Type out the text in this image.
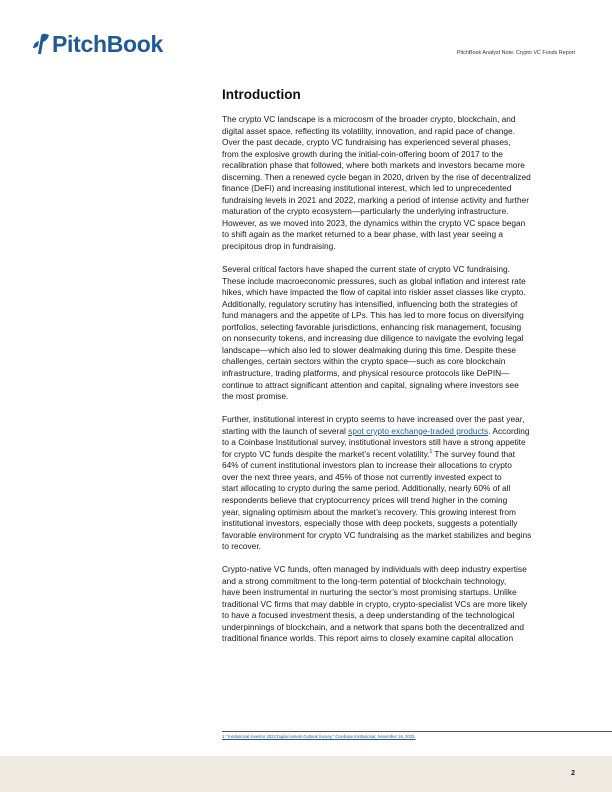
PitchBook	PitchBook Analyst Note: Crypto VC Funds Report
Introduction
The crypto VC landscape is a microcosm of the broader crypto, blockchain, and
digital asset space, reflecting its volatility, innovation, and rapid pace of change.
Over the past decade, crypto VC fundraising has experienced several phases,
from the explosive growth during the initial-coin-offering boom of 2017 to the
recalibration phase that followed, where both markets and investors became more
discerning. Then a renewed cycle began in 2020, driven by the rise of decentralized
finance (DeFi) and increasing institutional interest, which led to unprecedented
fundraising levels in 2021 and 2022, marking a period of intense activity and further
maturation of the crypto ecosystem—particularly the underlying infrastructure.
However, as we moved into 2023, the dynamics within the crypto VC space began
to shift again as the market returned to a bear phase, with last year seeing a
precipitous drop in fundraising.
Several critical factors have shaped the current state of crypto VC fundraising.
These include macroeconomic pressures, such as global inflation and interest rate
hikes, which have impacted the flow of capital into riskier asset classes like crypto.
Additionally, regulatory scrutiny has intensified, influencing both the strategies of
fund managers and the appetite of LPs. This has led to more focus on diversifying
portfolios, selecting favorable jurisdictions, enhancing risk management, focusing
on nonsecurity tokens, and increasing due diligence to navigate the evolving legal
landscape—which also led to slower dealmaking during this time. Despite these
challenges, certain sectors within the crypto space—such as core blockchain
infrastructure, trading platforms, and physical resource protocols like DePIN—
continue to attract significant attention and capital, signaling where investors see
the most promise.
Further, institutional interest in crypto seems to have increased over the past year,
starting with the launch of several spot crypto exchange-traded products. According
to a Coinbase Institutional survey, institutional investors still have a strong appetite
for crypto VC funds despite the market’s recent volatility.$^1$ The survey found that
64% of current institutional investors plan to increase their allocations to crypto
over the next three years, and 45% of those not currently invested expect to
start allocating to crypto during the same period. Additionally, nearly 60% of all
respondents believe that cryptocurrency prices will trend higher in the coming
year, signaling optimism about the market’s recovery. This growing interest from
institutional investors, especially those with deep pockets, suggests a potentially
favorable environment for crypto VC fundraising as the market stabilizes and begins
to recover.
Crypto-native VC funds, often managed by individuals with deep industry expertise
and a strong commitment to the long-term potential of blockchain technology,
have been instrumental in nurturing the sector’s most promising startups. Unlike
traditional VC firms that may dabble in crypto, crypto-specialist VCs are more likely
to have a focused investment thesis, a deep understanding of the technological
underpinnings of blockchain, and a network that spans both the decentralized and
traditional finance worlds. This report aims to closely examine capital allocation
1: “Institutional Investor 2023 Digital Assets Outlook Survey,” Coinbase Institutional, November 16, 2023.
2
